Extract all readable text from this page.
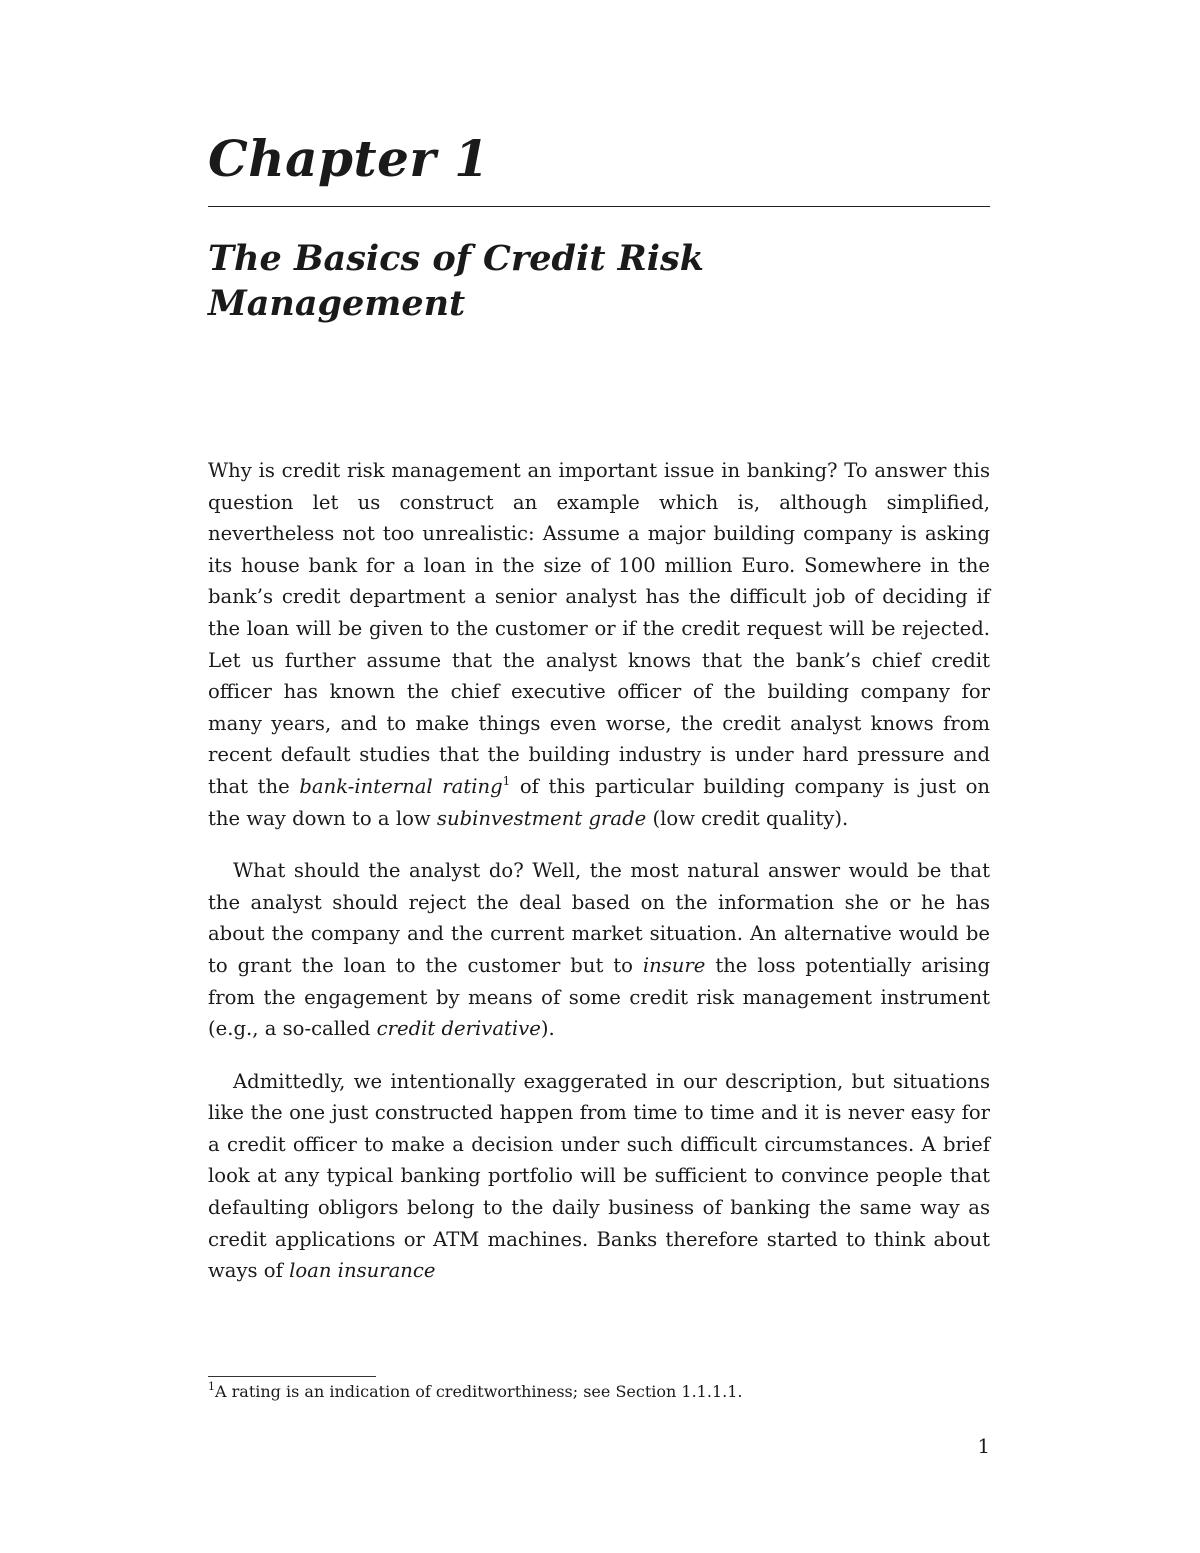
Chapter 1
The Basics of Credit Risk Management

Why is credit risk management an important issue in banking? To answer this question let us construct an example which is, although simplified, nevertheless not too unrealistic: Assume a major building company is asking its house bank for a loan in the size of 100 million Euro. Somewhere in the bank’s credit department a senior analyst has the difficult job of deciding if the loan will be given to the customer or if the credit request will be rejected. Let us further assume that the analyst knows that the bank’s chief credit officer has known the chief executive officer of the building company for many years, and to make things even worse, the credit analyst knows from recent default studies that the building industry is under hard pressure and that the bank-internal rating$^1$ of this particular building company is just on the way down to a low subinvestment grade (low credit quality).

What should the analyst do? Well, the most natural answer would be that the analyst should reject the deal based on the information she or he has about the company and the current market situation. An alternative would be to grant the loan to the customer but to insure the loss potentially arising from the engagement by means of some credit risk management instrument (e.g., a so-called credit derivative).

Admittedly, we intentionally exaggerated in our description, but situations like the one just constructed happen from time to time and it is never easy for a credit officer to make a decision under such difficult circumstances. A brief look at any typical banking portfolio will be sufficient to convince people that defaulting obligors belong to the daily business of banking the same way as credit applications or ATM machines. Banks therefore started to think about ways of loan insurance

$^1$A rating is an indication of creditworthiness; see Section 1.1.1.1.

1
